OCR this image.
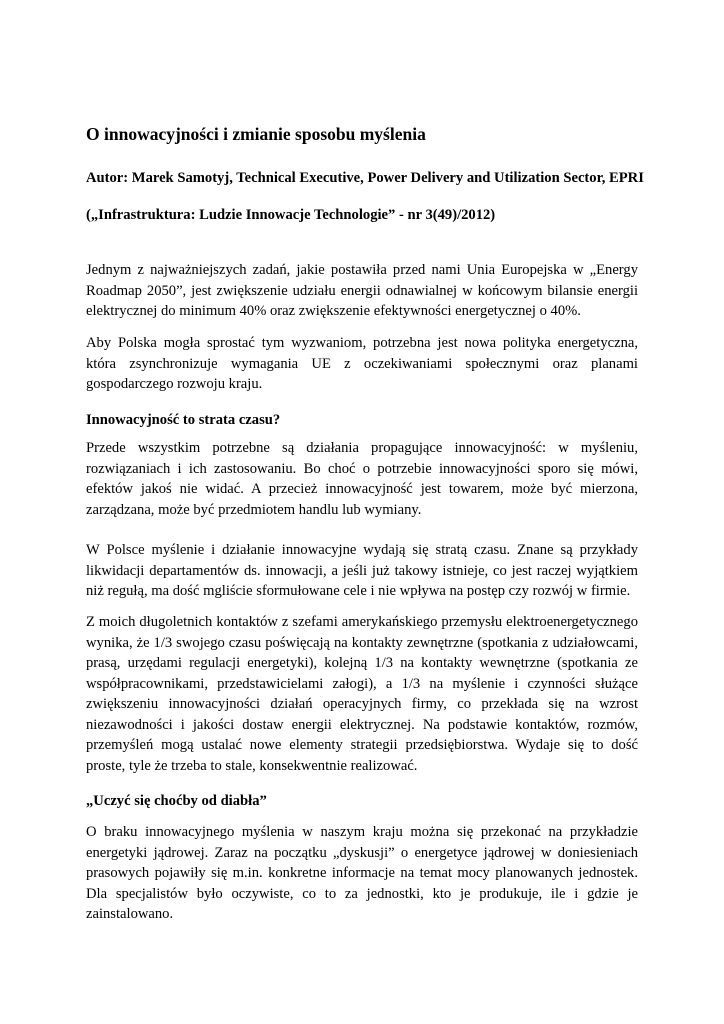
O innowacyjności i zmianie sposobu myślenia

Autor: Marek Samotyj, Technical Executive, Power Delivery and Utilization Sector, EPRI

(„Infrastruktura: Ludzie Innowacje Technologie” - nr 3(49)/2012)

Jednym z najważniejszych zadań, jakie postawiła przed nami Unia Europejska w „Energy Roadmap 2050”, jest zwiększenie udziału energii odnawialnej w końcowym bilansie energii elektrycznej do minimum 40% oraz zwiększenie efektywności energetycznej o 40%.

Aby Polska mogła sprostać tym wyzwaniom, potrzebna jest nowa polityka energetyczna, która zsynchronizuje wymagania UE z oczekiwaniami społecznymi oraz planami gospodarczego rozwoju kraju.

Innowacyjność to strata czasu?

Przede wszystkim potrzebne są działania propagujące innowacyjność: w myśleniu, rozwiązaniach i ich zastosowaniu. Bo choć o potrzebie innowacyjności sporo się mówi, efektów jakoś nie widać. A przecież innowacyjność jest towarem, może być mierzona, zarządzana, może być przedmiotem handlu lub wymiany.

W Polsce myślenie i działanie innowacyjne wydają się stratą czasu. Znane są przykłady likwidacji departamentów ds. innowacji, a jeśli już takowy istnieje, co jest raczej wyjątkiem niż regułą, ma dość mgliście sformułowane cele i nie wpływa na postęp czy rozwój w firmie.

Z moich długoletnich kontaktów z szefami amerykańskiego przemysłu elektroenergetycznego wynika, że 1/3 swojego czasu poświęcają na kontakty zewnętrzne (spotkania z udziałowcami, prasą, urzędami regulacji energetyki), kolejną 1/3 na kontakty wewnętrzne (spotkania ze współpracownikami, przedstawicielami załogi), a 1/3 na myślenie i czynności służące zwiększeniu innowacyjności działań operacyjnych firmy, co przekłada się na wzrost niezawodności i jakości dostaw energii elektrycznej. Na podstawie kontaktów, rozmów, przemyśleń mogą ustalać nowe elementy strategii przedsiębiorstwa. Wydaje się to dość proste, tyle że trzeba to stale, konsekwentnie realizować.

„Uczyć się choćby od diabła”

O braku innowacyjnego myślenia w naszym kraju można się przekonać na przykładzie energetyki jądrowej. Zaraz na początku „dyskusji” o energetyce jądrowej w doniesieniach prasowych pojawiły się m.in. konkretne informacje na temat mocy planowanych jednostek. Dla specjalistów było oczywiste, co to za jednostki, kto je produkuje, ile i gdzie je zainstalowano.
